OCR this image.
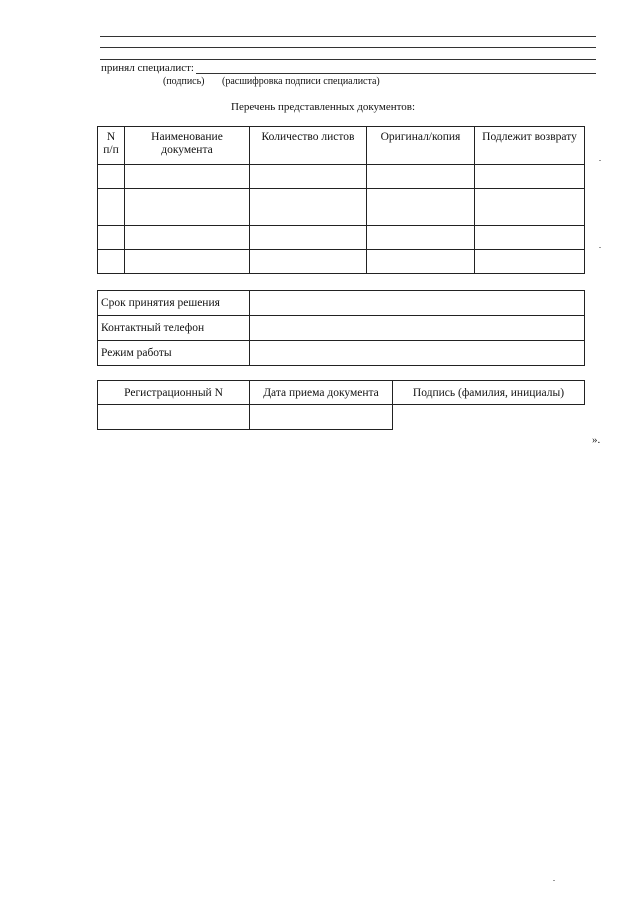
принял специалист:
(подпись) (расшифровка подписи специалиста)
Перечень представленных документов:
N п/п	Наименование документа	Количество листов	Оригинал/копия	Подлежит возврату

Срок принятия решения	
Контактный телефон	
Режим работы	
Регистрационный N	Дата приема документа	Подпись (фамилия, инициалы)

».
